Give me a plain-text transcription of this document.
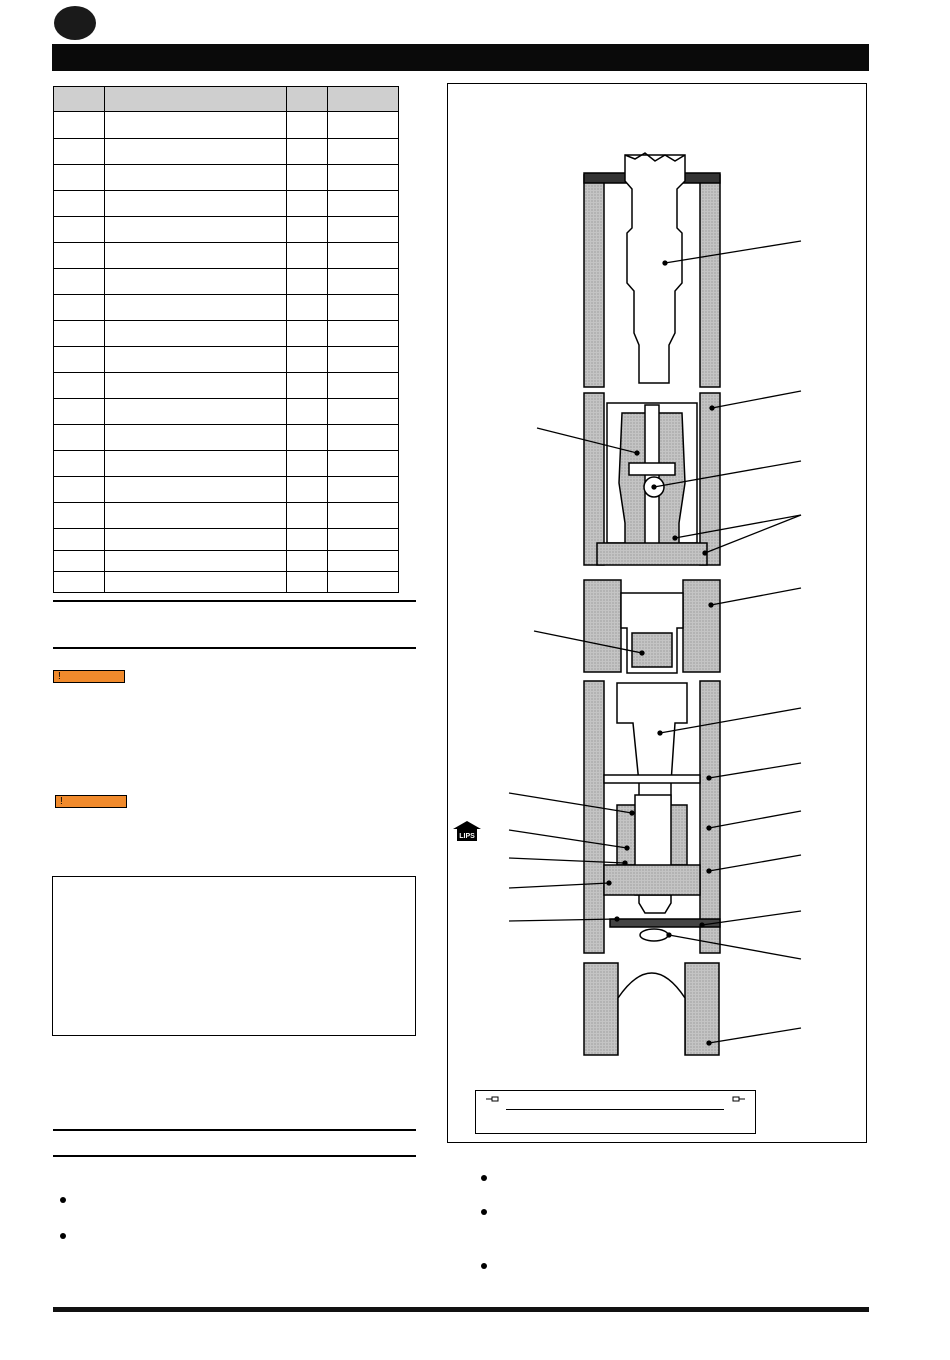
!
!
LIPS
